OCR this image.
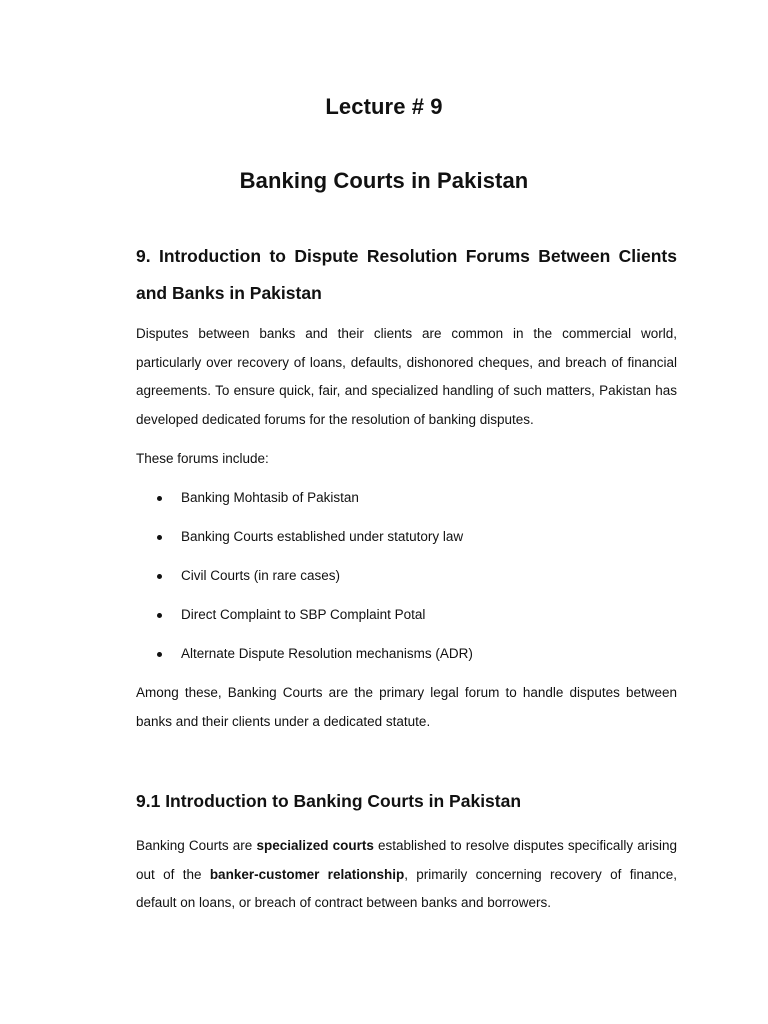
Lecture # 9
Banking Courts in Pakistan
9. Introduction to Dispute Resolution Forums Between Clients and Banks in Pakistan

Disputes between banks and their clients are common in the commercial world, particularly over recovery of loans, defaults, dishonored cheques, and breach of financial agreements. To ensure quick, fair, and specialized handling of such matters, Pakistan has developed dedicated forums for the resolution of banking disputes.

These forums include:

Banking Mohtasib of Pakistan
Banking Courts established under statutory law
Civil Courts (in rare cases)
Direct Complaint to SBP Complaint Potal
Alternate Dispute Resolution mechanisms (ADR)

Among these, Banking Courts are the primary legal forum to handle disputes between banks and their clients under a dedicated statute.

9.1 Introduction to Banking Courts in Pakistan

Banking Courts are specialized courts established to resolve disputes specifically arising out of the banker-customer relationship, primarily concerning recovery of finance, default on loans, or breach of contract between banks and borrowers.
